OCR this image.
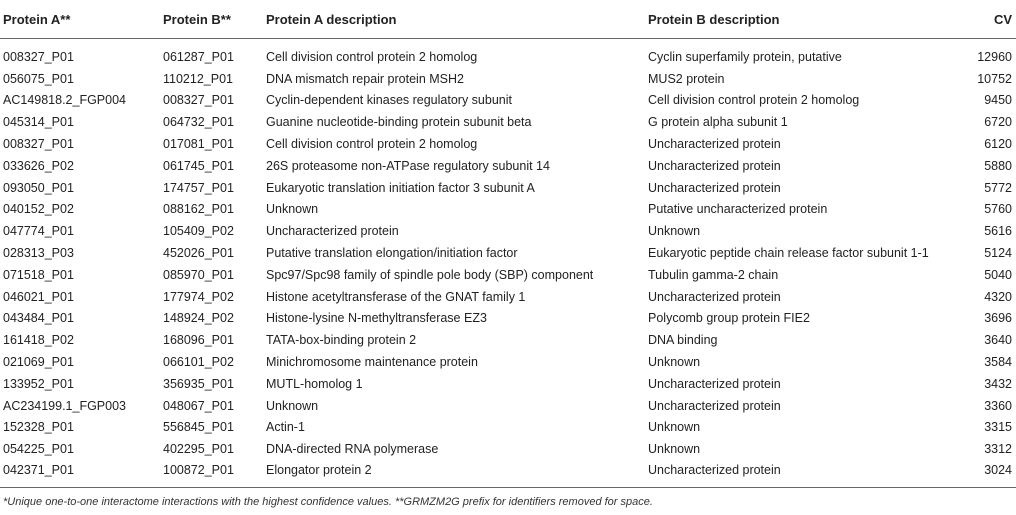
Protein A**	Protein B**	Protein A description	Protein B description	CV

008327_P01	061287_P01	Cell division control protein 2 homolog	Cyclin superfamily protein, putative	12960
056075_P01	110212_P01	DNA mismatch repair protein MSH2	MUS2 protein	10752
AC149818.2_FGP004	008327_P01	Cyclin-dependent kinases regulatory subunit	Cell division control protein 2 homolog	9450
045314_P01	064732_P01	Guanine nucleotide-binding protein subunit beta	G protein alpha subunit 1	6720
008327_P01	017081_P01	Cell division control protein 2 homolog	Uncharacterized protein	6120
033626_P02	061745_P01	26S proteasome non-ATPase regulatory subunit 14	Uncharacterized protein	5880
093050_P01	174757_P01	Eukaryotic translation initiation factor 3 subunit A	Uncharacterized protein	5772
040152_P02	088162_P01	Unknown	Putative uncharacterized protein	5760
047774_P01	105409_P02	Uncharacterized protein	Unknown	5616
028313_P03	452026_P01	Putative translation elongation/initiation factor	Eukaryotic peptide chain release factor subunit 1-1	5124
071518_P01	085970_P01	Spc97/Spc98 family of spindle pole body (SBP) component	Tubulin gamma-2 chain	5040
046021_P01	177974_P02	Histone acetyltransferase of the GNAT family 1	Uncharacterized protein	4320
043484_P01	148924_P02	Histone-lysine N-methyltransferase EZ3	Polycomb group protein FIE2	3696
161418_P02	168096_P01	TATA-box-binding protein 2	DNA binding	3640
021069_P01	066101_P02	Minichromosome maintenance protein	Unknown	3584
133952_P01	356935_P01	MUTL-homolog 1	Uncharacterized protein	3432
AC234199.1_FGP003	048067_P01	Unknown	Uncharacterized protein	3360
152328_P01	556845_P01	Actin-1	Unknown	3315
054225_P01	402295_P01	DNA-directed RNA polymerase	Unknown	3312
042371_P01	100872_P01	Elongator protein 2	Uncharacterized protein	3024
*Unique one-to-one interactome interactions with the highest confidence values. **GRMZM2G prefix for identifiers removed for space.
